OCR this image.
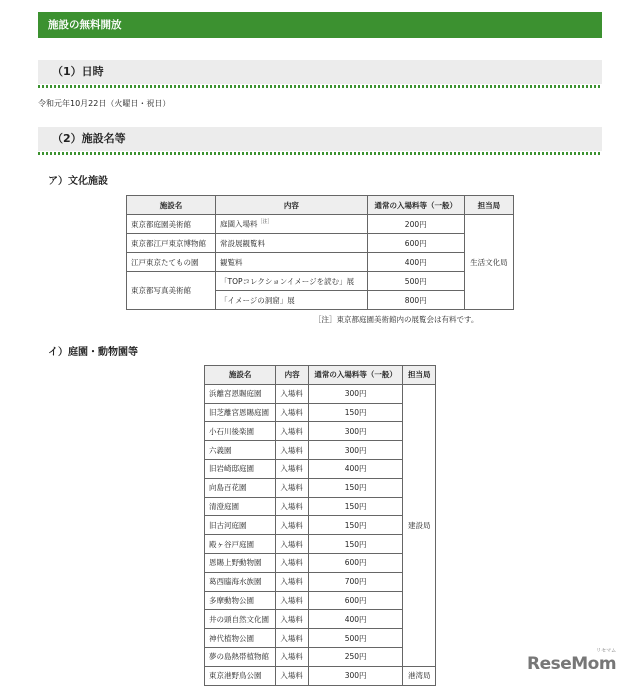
施設の無料開放
（1）日時
令和元年10月22日（火曜日・祝日）
（2）施設名等
ア）文化施設
施設名	内容	通常の入場料等（一般）	担当局
東京都庭園美術館	庭園入場料$^{[注]}$	200円	生活文化局
東京都江戸東京博物館	常設展観覧料	600円	
江戸東京たてもの園	観覧料	400円	
東京都写真美術館	「TOPコレクションイメージを読む」展	500円	
	「イメージの洞窟」展	800円	
［注］東京都庭園美術館内の展覧会は有料です。
イ）庭園・動物園等
施設名	内容	通常の入場料等（一般）	担当局
浜離宮恩賜庭園	入場料	300円	建設局
旧芝離宮恩賜庭園	入場料	150円	
小石川後楽園	入場料	300円	
六義園	入場料	300円	
旧岩崎邸庭園	入場料	400円	
向島百花園	入場料	150円	
清澄庭園	入場料	150円	
旧古河庭園	入場料	150円	
殿ヶ谷戸庭園	入場料	150円	
恩賜上野動物園	入場料	600円	
葛西臨海水族園	入場料	700円	
多摩動物公園	入場料	600円	
井の頭自然文化園	入場料	400円	
神代植物公園	入場料	500円	
夢の島熱帯植物館	入場料	250円	
東京港野鳥公園	入場料	300円	港湾局
ReseMom
リセマム
